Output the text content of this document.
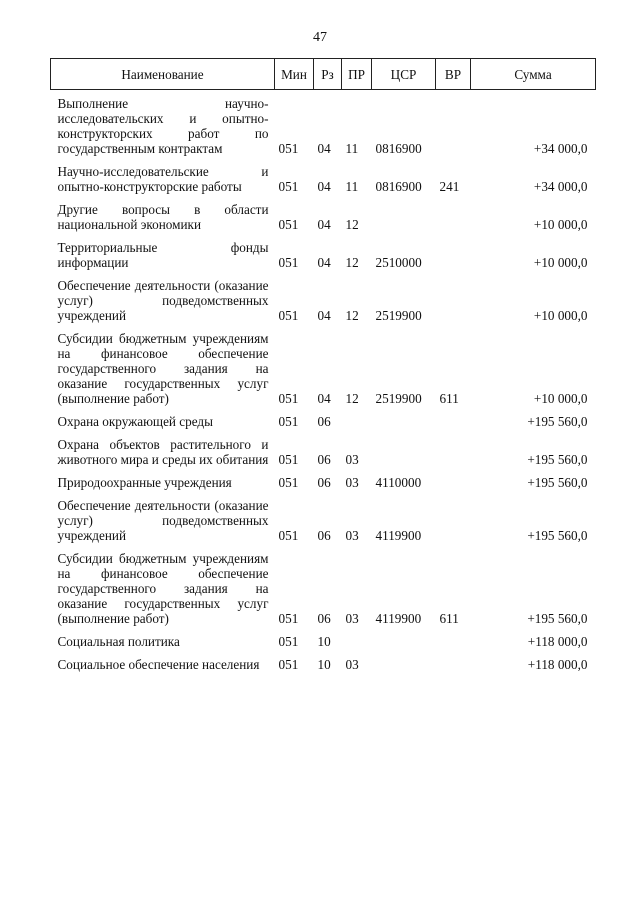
47
Наименование	Мин	Рз	ПР	ЦСР	ВР	Сумма
Выполнение научно-исследовательских и опытно-конструкторских работ по государственным контрактам	051	04	11	0816900		+34 000,0
Научно-исследовательские и опытно-конструкторские работы	051	04	11	0816900	241	+34 000,0
Другие вопросы в области национальной экономики	051	04	12			+10 000,0
Территориальные фонды информации	051	04	12	2510000		+10 000,0
Обеспечение деятельности (оказание услуг) подведомственных учреждений	051	04	12	2519900		+10 000,0
Субсидии бюджетным учреждениям на финансовое обеспечение государственного задания на оказание государственных услуг (выполнение работ)	051	04	12	2519900	611	+10 000,0
Охрана окружающей среды	051	06				+195 560,0
Охрана объектов растительного и животного мира и среды их обитания	051	06	03			+195 560,0
Природоохранные учреждения	051	06	03	4110000		+195 560,0
Обеспечение деятельности (оказание услуг) подведомственных учреждений	051	06	03	4119900		+195 560,0
Субсидии бюджетным учреждениям на финансовое обеспечение государственного задания на оказание государственных услуг (выполнение работ)	051	06	03	4119900	611	+195 560,0
Социальная политика	051	10				+118 000,0
Социальное обеспечение населения	051	10	03			+118 000,0
